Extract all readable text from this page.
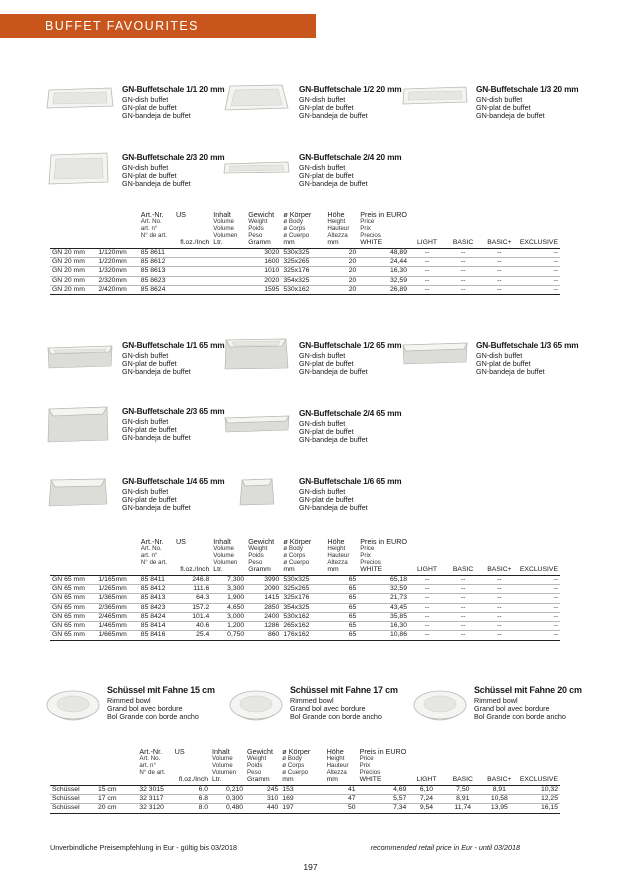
BUFFET FAVOURITES
GN-Buffetschale 1/1 20 mm
GN-dish buffet
GN-plat de buffet
GN-bandeja de buffet
GN-Buffetschale 1/2 20 mm
GN-dish buffet
GN-plat de buffet
GN-bandeja de buffet
GN-Buffetschale 1/3 20 mm
GN-dish buffet
GN-plat de buffet
GN-bandeja de buffet
GN-Buffetschale 2/3 20 mm
GN-dish buffet
GN-plat de buffet
GN-bandeja de buffet
GN-Buffetschale 2/4 20 mm
GN-dish buffet
GN-plat de buffet
GN-bandeja de buffet
		Art.-Nr.
Art. No.
art. n°
N° de art.	US	Inhalt
Volume
Volume
Volumen	Gewicht
Weight
Poids
Peso	ø Körper
ø Body
ø Corps
ø Cuerpo	Höhe
Height
Hauteur
Altezza	Preis in EURO
Price
Prix
Precios				

			fl.oz./Inch	Ltr.	Gramm	mm	mm	WHITE	LIGHT	BASIC	BASIC+	EXCLUSIVE
GN 20 mm	1/120mm	85 8611			3020	530x325	20	48,89	--	--	--	--
GN 20 mm	1/220mm	85 8612			1600	325x265	20	24,44	--	--	--	--
GN 20 mm	1/320mm	85 8613			1010	325x176	20	16,30	--	--	--	--
GN 20 mm	2/320mm	85 8623			2020	354x325	20	32,59	--	--	--	--
GN 20 mm	2/420mm	85 8624			1595	530x162	20	26,89	--	--	--	--
GN-Buffetschale 1/1 65 mm
GN-dish buffet
GN-plat de buffet
GN-bandeja de buffet
GN-Buffetschale 1/2 65 mm
GN-dish buffet
GN-plat de buffet
GN-bandeja de buffet
GN-Buffetschale 1/3 65 mm
GN-dish buffet
GN-plat de buffet
GN-bandeja de buffet
GN-Buffetschale 2/3 65 mm
GN-dish buffet
GN-plat de buffet
GN-bandeja de buffet
GN-Buffetschale 2/4 65 mm
GN-dish buffet
GN-plat de buffet
GN-bandeja de buffet
GN-Buffetschale 1/4 65 mm
GN-dish buffet
GN-plat de buffet
GN-bandeja de buffet
GN-Buffetschale 1/6 65 mm
GN-dish buffet
GN-plat de buffet
GN-bandeja de buffet
		Art.-Nr.
Art. No.
art. n°
N° de art.	US	Inhalt
Volume
Volume
Volumen	Gewicht
Weight
Poids
Peso	ø Körper
ø Body
ø Corps
ø Cuerpo	Höhe
Height
Hauteur
Altezza	Preis in EURO
Price
Prix
Precios				

			fl.oz./Inch	Ltr.	Gramm	mm	mm	WHITE	LIGHT	BASIC	BASIC+	EXCLUSIVE
GN 65 mm	1/165mm	85 8411	246.8	7,300	3990	530x325	65	65,18	--	--	--	--
GN 65 mm	1/265mm	85 8412	111.6	3,300	2090	325x265	65	32,59	--	--	--	--
GN 65 mm	1/365mm	85 8413	64.3	1,900	1415	325x176	65	21,73	--	--	--	--
GN 65 mm	2/365mm	85 8423	157.2	4,650	2850	354x325	65	43,45	--	--	--	--
GN 65 mm	2/465mm	85 8424	101.4	3,000	2400	530x162	65	35,85	--	--	--	--
GN 65 mm	1/465mm	85 8414	40.6	1,200	1286	265x162	65	16,30	--	--	--	--
GN 65 mm	1/665mm	85 8416	25.4	0,750	860	176x162	65	10,86	--	--	--	--
Schüssel mit Fahne 15 cm
Rimmed bowl
Grand bol avec bordure
Bol Grande con borde ancho
Schüssel mit Fahne 17 cm
Rimmed bowl
Grand bol avec bordure
Bol Grande con borde ancho
Schüssel mit Fahne 20 cm
Rimmed bowl
Grand bol avec bordure
Bol Grande con borde ancho
		Art.-Nr.
Art. No.
art. n°
N° de art.	US	Inhalt
Volume
Volume
Volumen	Gewicht
Weight
Poids
Peso	ø Körper
ø Body
ø Corps
ø Cuerpo	Höhe
Height
Hauteur
Altezza	Preis in EURO
Price
Prix
Precios				

			fl.oz./Inch	Ltr.	Gramm	mm	mm	WHITE	LIGHT	BASIC	BASIC+	EXCLUSIVE
Schüssel	15 cm	32 3015	6.0	0,210	245	153	41	4,69	6,10	7,50	8,91	10,32
Schüssel	17 cm	32 3117	6.8	0,300	310	169	47	5,57	7,24	8,91	10,58	12,25
Schüssel	20 cm	32 3120	8.0	0,480	440	197	50	7,34	9,54	11,74	13,95	16,15
Unverbindliche Preisempfehlung in Eur - gültig bis 03/2018	recommended retail price in Eur - until 03/2018
197
